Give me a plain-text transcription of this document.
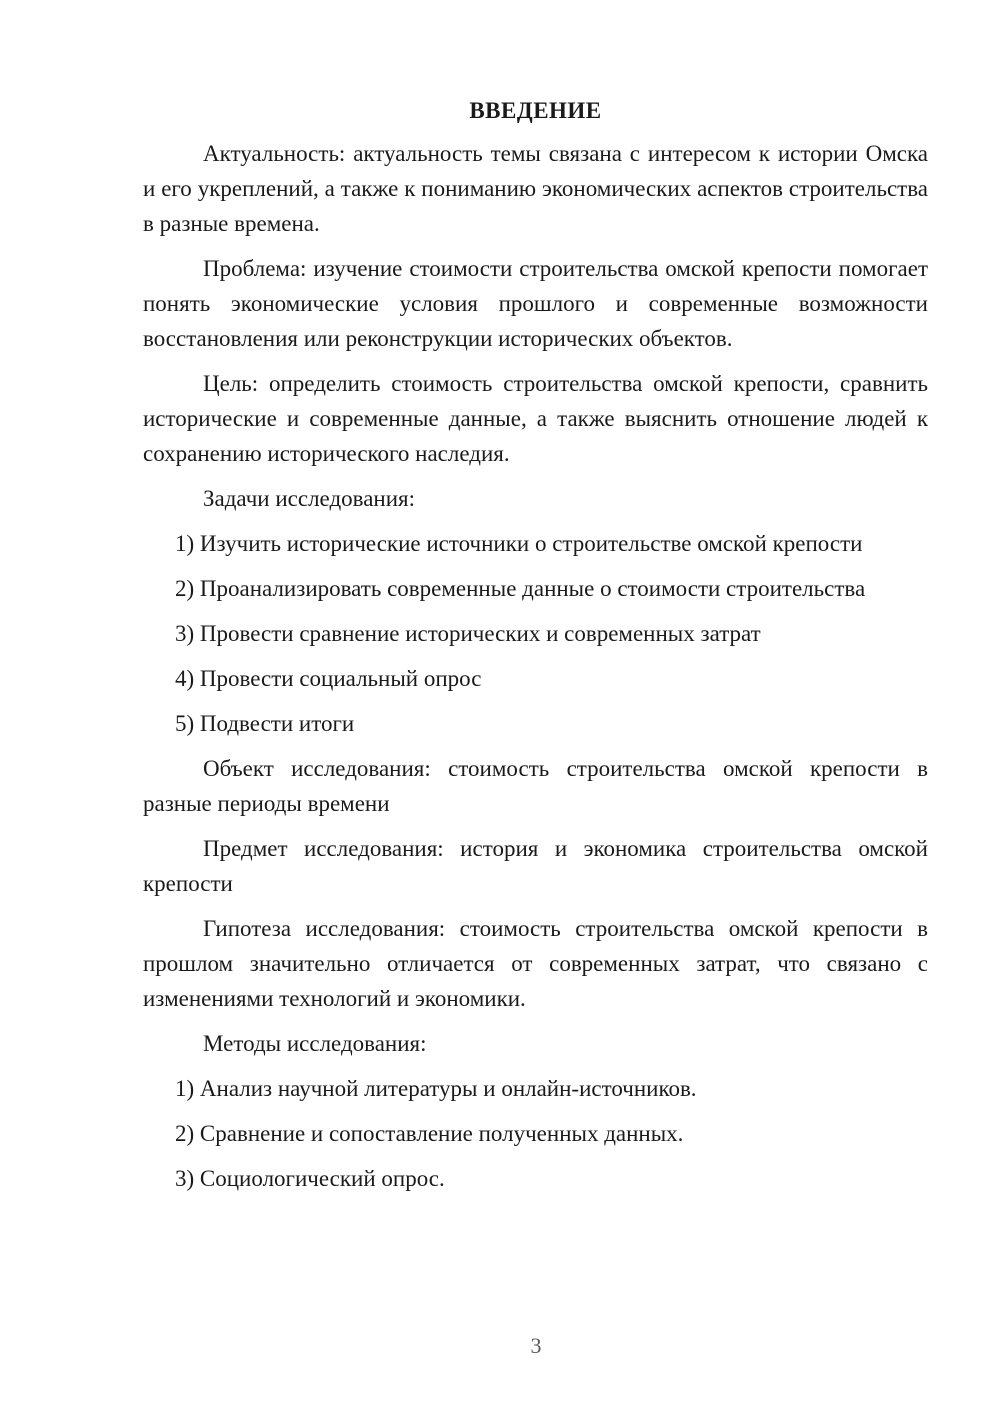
ВВЕДЕНИЕ

Актуальность: актуальность темы связана с интересом к истории Омска и его укреплений, а также к пониманию экономических аспектов строительства в разные времена.

Проблема: изучение стоимости строительства омской крепости помогает понять экономические условия прошлого и современные возможности восстановления или реконструкции исторических объектов.

Цель: определить стоимость строительства омской крепости, сравнить исторические и современные данные, а также выяснить отношение людей к сохранению исторического наследия.

Задачи исследования:
1) Изучить исторические источники о строительстве омской крепости
2) Проанализировать современные данные о стоимости строительства
3) Провести сравнение исторических и современных затрат
4) Провести социальный опрос
5) Подвести итоги

Объект исследования: стоимость строительства омской крепости в разные периоды времени

Предмет исследования: история и экономика строительства омской крепости

Гипотеза исследования: стоимость строительства омской крепости в прошлом значительно отличается от современных затрат, что связано с изменениями технологий и экономики.

Методы исследования:
1) Анализ научной литературы и онлайн-источников.
2) Сравнение и сопоставление полученных данных.
3) Социологический опрос.
3
